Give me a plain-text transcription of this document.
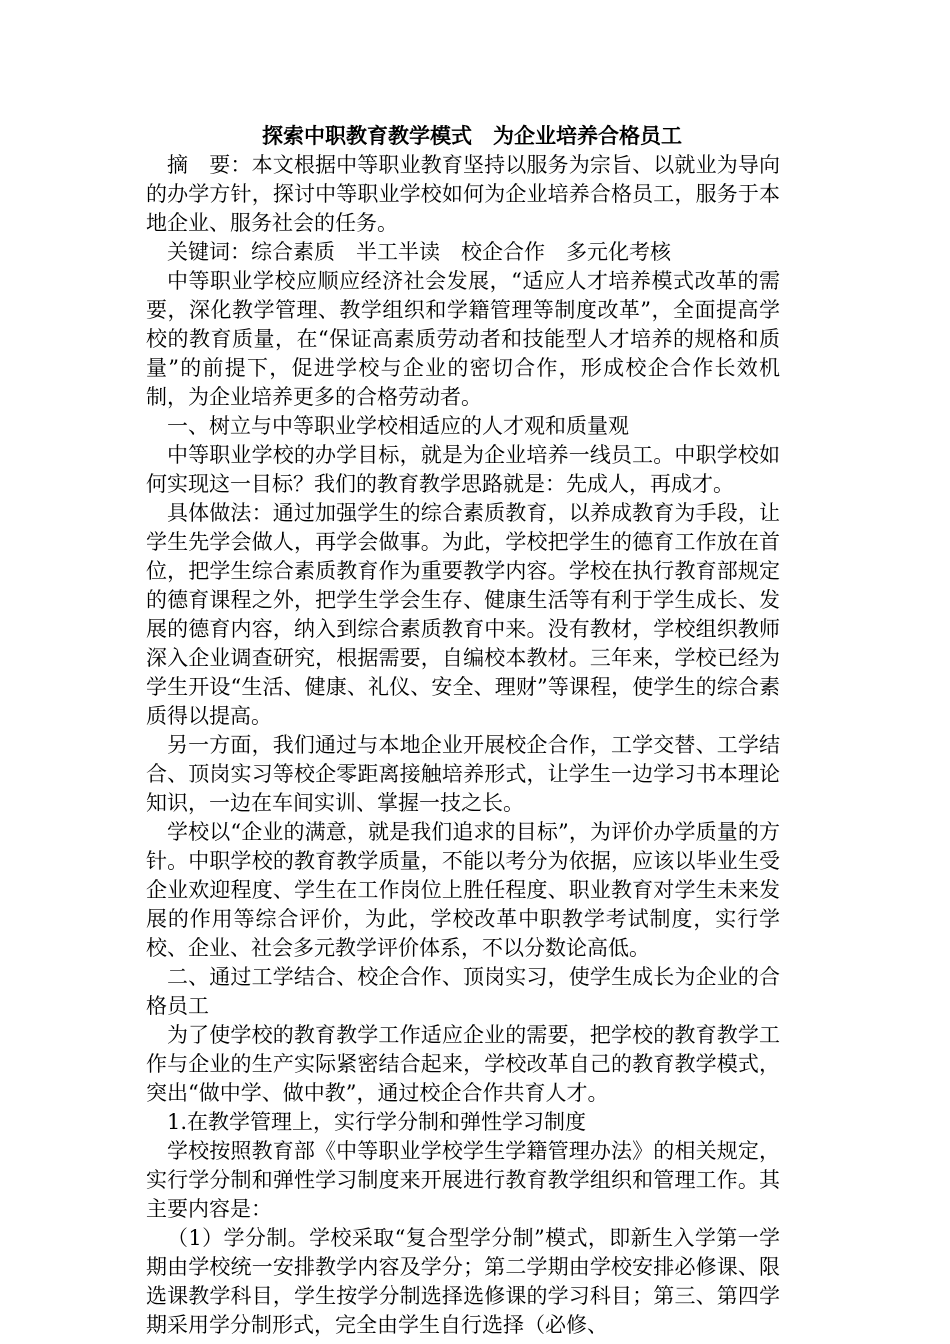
探索中职教育教学模式　为企业培养合格员工

摘　要：本文根据中等职业教育坚持以服务为宗旨、以就业为导向的办学方针，探讨中等职业学校如何为企业培养合格员工，服务于本地企业、服务社会的任务。

关键词：综合素质　半工半读　校企合作　多元化考核

中等职业学校应顺应经济社会发展，“适应人才培养模式改革的需要，深化教学管理、教学组织和学籍管理等制度改革”，全面提高学校的教育质量，在“保证高素质劳动者和技能型人才培养的规格和质量”的前提下，促进学校与企业的密切合作，形成校企合作长效机制，为企业培养更多的合格劳动者。

一、树立与中等职业学校相适应的人才观和质量观

中等职业学校的办学目标，就是为企业培养一线员工。中职学校如何实现这一目标？我们的教育教学思路就是：先成人，再成才。

具体做法：通过加强学生的综合素质教育，以养成教育为手段，让学生先学会做人，再学会做事。为此，学校把学生的德育工作放在首位，把学生综合素质教育作为重要教学内容。学校在执行教育部规定的德育课程之外，把学生学会生存、健康生活等有利于学生成长、发展的德育内容，纳入到综合素质教育中来。没有教材，学校组织教师深入企业调查研究，根据需要，自编校本教材。三年来，学校已经为学生开设“生活、健康、礼仪、安全、理财”等课程，使学生的综合素质得以提高。

另一方面，我们通过与本地企业开展校企合作，工学交替、工学结合、顶岗实习等校企零距离接触培养形式，让学生一边学习书本理论知识，一边在车间实训、掌握一技之长。

学校以“企业的满意，就是我们追求的目标”，为评价办学质量的方针。中职学校的教育教学质量，不能以考分为依据，应该以毕业生受企业欢迎程度、学生在工作岗位上胜任程度、职业教育对学生未来发展的作用等综合评价，为此，学校改革中职教学考试制度，实行学校、企业、社会多元教学评价体系，不以分数论高低。

二、通过工学结合、校企合作、顶岗实习，使学生成长为企业的合格员工

为了使学校的教育教学工作适应企业的需要，把学校的教育教学工作与企业的生产实际紧密结合起来，学校改革自己的教育教学模式，突出“做中学、做中教”，通过校企合作共育人才。

1.在教学管理上，实行学分制和弹性学习制度

学校按照教育部《中等职业学校学生学籍管理办法》的相关规定，实行学分制和弹性学习制度来开展进行教育教学组织和管理工作。其主要内容是：

（1）学分制。学校采取“复合型学分制”模式，即新生入学第一学期由学校统一安排教学内容及学分；第二学期由学校安排必修课、限选课教学科目，学生按学分制选择选修课的学习科目；第三、第四学期采用学分制形式，完全由学生自行选择（必修、
